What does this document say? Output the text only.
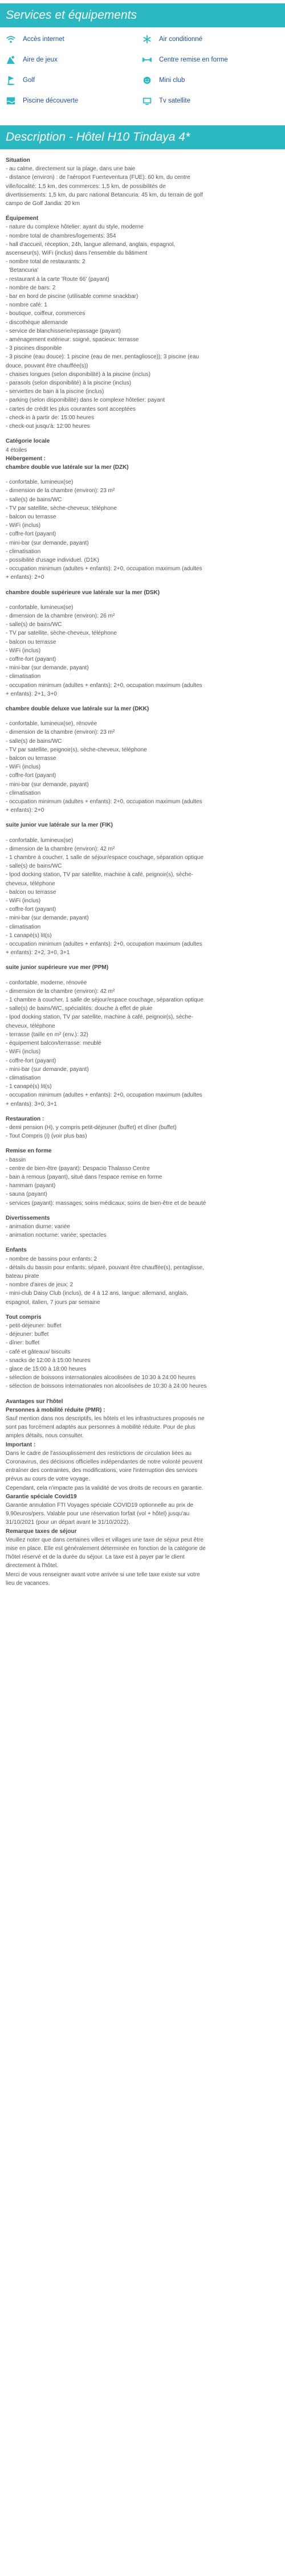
Services et équipements
Accès internet	Air conditionné
Aire de jeux	Centre remise en forme
Golf	Mini club
Piscine découverte	Tv satellite
Description - Hôtel H10 Tindaya 4*
Situation
- au calme, directement sur la plage, dans une baie
- distance (environ) : de l'aéroport Fuerteventura (FUE): 60 km, du centre
ville/localité: 1,5 km, des commerces: 1,5 km, de possibilités de
divertissements: 1,5 km, du parc national Betancuria: 45 km, du terrain de golf
campo de Golf Jandia: 20 km
Équipement
- nature du complexe hôtelier: ayant du style, moderne
- nombre total de chambres/logements: 354
- hall d'accueil, réception, 24h, langue allemand, anglais, espagnol,
ascenseur(s), WiFi (inclus) dans l'ensemble du bâtiment
- nombre total de restaurants: 2
'Betancuria'
- restaurant à la carte 'Route 66' (payant)
- nombre de bars: 2
- bar en bord de piscine (utilisable comme snackbar)
- nombre café: 1
- boutique, coiffeur, commerces
- discothèque allemande
- service de blanchisserie/repassage (payant)
- aménagement extérieur: soigné, spacieux: terrasse
- 3 piscines disponible
- 3 piscine (eau douce): 1 piscine (eau de mer, pentagliosce)); 3 piscine (eau
douce, pouvant être chauffée(s))
- chaises longues (selon disponibilité) à la piscine (inclus)
- parasols (selon disponibilité) à la piscine (inclus)
- serviettes de bain à la piscine (inclus)
- parking (selon disponibilité) dans le complexe hôtelier: payant
- cartes de crédit les plus courantes sont acceptées
- check-in à partir de: 15:00 heures
- check-out jusqu'à: 12:00 heures
Catégorie locale
4 étoiles
Hébergement :
chambre double vue latérale sur la mer (DZK)
- confortable, lumineux(se)
- dimension de la chambre (environ): 23 m²
- salle(s) de bains/WC
- TV par satellite, sèche-cheveux, téléphone
- balcon ou terrasse
- WiFi (inclus)
- coffre-fort (payant)
- mini-bar (sur demande, payant)
- climatisation
- possibilité d'usage individuel. (D1K)
- occupation minimum (adultes + enfants): 2+0, occupation maximum (adultes
+ enfants): 2+0
chambre double supérieure vue latérale sur la mer (DSK)
- confortable, lumineux(se)
- dimension de la chambre (environ): 26 m²
- salle(s) de bains/WC
- TV par satellite, sèche-cheveux, téléphone
- balcon ou terrasse
- WiFi (inclus)
- coffre-fort (payant)
- mini-bar (sur demande, payant)
- climatisation
- occupation minimum (adultes + enfants): 2+0, occupation maximum (adultes
+ enfants): 2+1, 3+0
chambre double deluxe vue latérale sur la mer (DKK)
- confortable, lumineux(se), rénovée
- dimension de la chambre (environ): 23 m²
- salle(s) de bains/WC
- TV par satellite, peignoir(s), sèche-cheveux, téléphone
- balcon ou terrasse
- WiFi (inclus)
- coffre-fort (payant)
- mini-bar (sur demande, payant)
- climatisation
- occupation minimum (adultes + enfants): 2+0, occupation maximum (adultes
+ enfants): 2+0
suite junior vue latérale sur la mer (FIK)
- confortable, lumineux(se)
- dimension de la chambre (environ): 42 m²
- 1 chambre à coucher, 1 salle de séjour/espace couchage, séparation optique
- salle(s) de bains/WC
- Ipod docking station, TV par satellite, machine à café, peignoir(s), sèche-
cheveux, téléphone
- balcon ou terrasse
- WiFi (inclus)
- coffre-fort (payant)
- mini-bar (sur demande, payant)
- climatisation
- 1 canapé(s) lit(s)
- occupation minimum (adultes + enfants): 2+0, occupation maximum (adultes
+ enfants): 2+2, 3+0, 3+1
suite junior supérieure vue mer (PPM)
- confortable, moderne, rénovée
- dimension de la chambre (environ): 42 m²
- 1 chambre à coucher, 1 salle de séjour/espace couchage, séparation optique
- salle(s) de bains/WC, spécialités: douche à effet de pluie
- Ipod docking station, TV par satellite, machine à café, peignoir(s), sèche-
cheveux, téléphone
- terrasse (taille en m² (env.): 32)
- équipement balcon/terrasse: meublé
- WiFi (inclus)
- coffre-fort (payant)
- mini-bar (sur demande, payant)
- climatisation
- 1 canapé(s) lit(s)
- occupation minimum (adultes + enfants): 2+0, occupation maximum (adultes
+ enfants): 3+0, 3+1
Restauration :
- demi pension (H), y compris petit-déjeuner (buffet) et dîner (buffet)
- Tout Compris (I) (voir plus bas)
Remise en forme
- bassin
- centre de bien-être (payant): Despacio Thalasso Centre
- bain à remous (payant), situé dans l'espace remise en forme
- hammam (payant)
- sauna (payant)
- services (payant): massages; soins médicaux; soins de bien-être et de beauté
Divertissements
- animation diurne: variée
- animation nocturne: variée; spectacles
Enfants
- nombre de bassins pour enfants: 2
- détails du bassin pour enfants: séparé, pouvant être chauffée(s), pentaglisse,
bateau pirate
- nombre d'aires de jeux: 2
- mini-club Daisy Club (inclus), de 4 à 12 ans, langue: allemand, anglais,
espagnol, italien, 7 jours par semaine
Tout compris
- petit-déjeuner: buffet
- déjeuner: buffet
- dîner: buffet
- café et gâteaux/ biscuits
- snacks de 12:00 à 15:00 heures
- glace de 15:00 à 18:00 heures
- sélection de boissons internationales alcoolisées de 10:30 à 24:00 heures
- sélection de boissons internationales non alcoolisées de 10:30 à 24:00 heures
Avantages sur l'hôtel
Personnes à mobilité réduite (PMR) :
Sauf mention dans nos descriptifs, les hôtels et les infrastructures proposés ne
sont pas forcément adaptés aux personnes à mobilité réduite. Pour de plus
amples détails, nous consulter.
Important :
Dans le cadre de l'assouplissement des restrictions de circulation liées au
Coronavirus, des décisions officielles indépendantes de notre volonté peuvent
entraîner des contraintes, des modifications, voire l'interruption des services
prévus au cours de votre voyage.
Cependant, cela n'impacte pas la validité de vos droits de recours en garantie.
Garantie spéciale Covid19
Garantie annulation FTI Voyages spéciale COVID19 optionnelle au prix de
9,90euros/pers. Valable pour une réservation forfait (vol + hôtel) jusqu'au
31/10/2021 (pour un départ avant le 31/10/2022).
Remarque taxes de séjour
Veuillez noter que dans certaines villes et villages une taxe de séjour peut être
mise en place. Elle est généralement déterminée en fonction de la catégorie de
l'hôtel réservé et de la durée du séjour. La taxe est à payer par le client
directement à l'hôtel.
Merci de vous renseigner avant votre arrivée si une telle taxe existe sur votre
lieu de vacances.
